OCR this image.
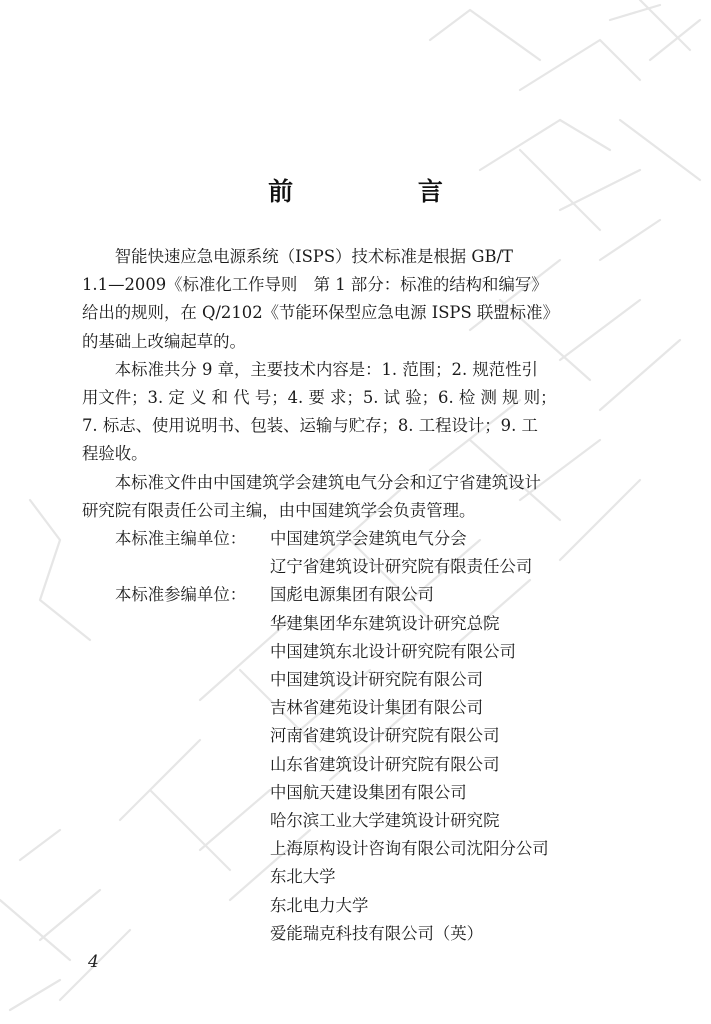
前 言

智能快速应急电源系统（ISPS）技术标准是根据 GB/T
1.1—2009《标准化工作导则　第 1 部分：标准的结构和编写》
给出的规则，在 Q/2102《节能环保型应急电源 ISPS 联盟标准》
的基础上改编起草的。

本标准共分 9 章，主要技术内容是：1. 范围；2. 规范性引
用文件；3. 定 义 和 代 号；4. 要 求；5. 试 验；6. 检 测 规 则；
7. 标志、使用说明书、包装、运输与贮存；8. 工程设计；9. 工
程验收。

本标准文件由中国建筑学会建筑电气分会和辽宁省建筑设计
研究院有限责任公司主编，由中国建筑学会负责管理。

本标准主编单位：	中国建筑学会建筑电气分会
辽宁省建筑设计研究院有限责任公司
本标准参编单位：	国彪电源集团有限公司
华建集团华东建筑设计研究总院
中国建筑东北设计研究院有限公司
中国建筑设计研究院有限公司
吉林省建苑设计集团有限公司
河南省建筑设计研究院有限公司
山东省建筑设计研究院有限公司
中国航天建设集团有限公司
哈尔滨工业大学建筑设计研究院
上海原构设计咨询有限公司沈阳分公司
东北大学
东北电力大学
爱能瑞克科技有限公司（英）
4
